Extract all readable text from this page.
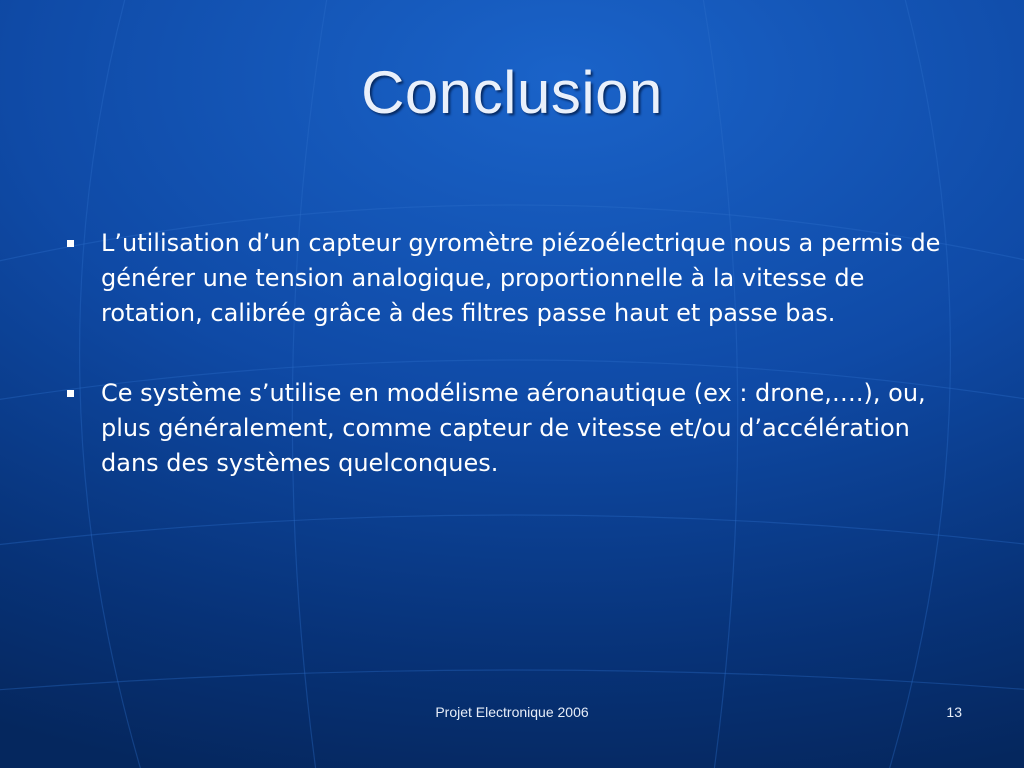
Conclusion
L’utilisation d’un capteur gyromètre piézoélectrique nous a permis de générer une tension analogique, proportionnelle à la vitesse de rotation, calibrée grâce à des filtres passe haut et passe bas.
Ce système s’utilise en modélisme aéronautique (ex : drone,….), ou, plus généralement, comme capteur de vitesse et/ou d’accélération dans des systèmes quelconques.
Projet Electronique 2006	13
